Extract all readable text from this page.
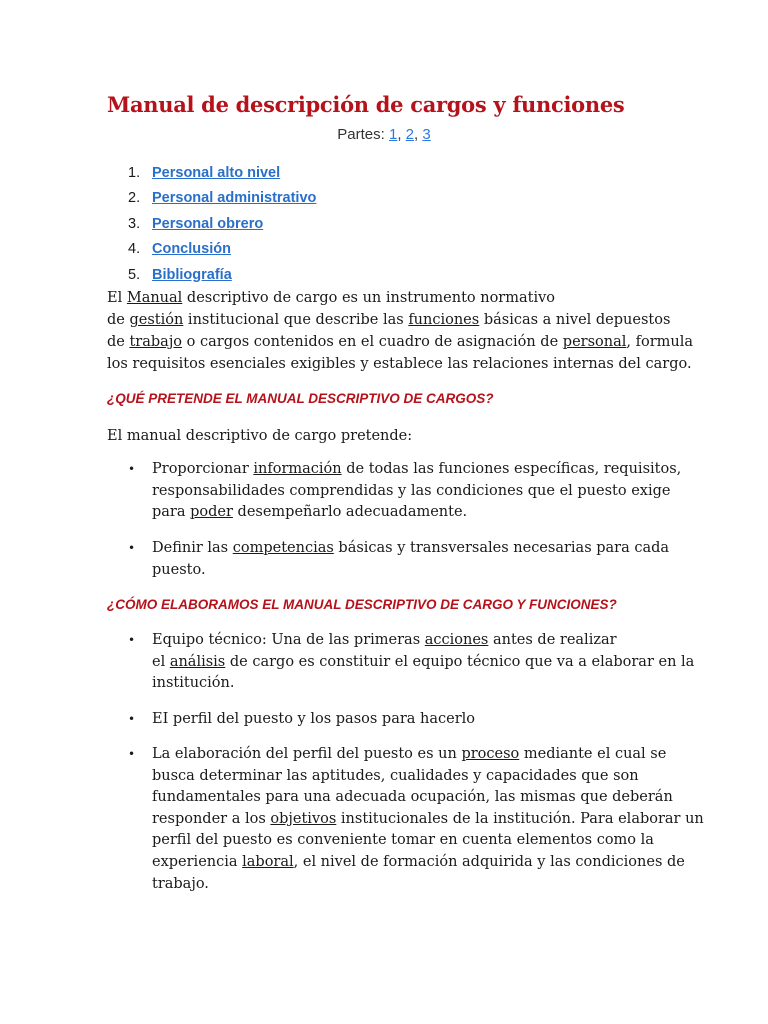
Manual de descripción de cargos y funciones
Partes: 1, 2, 3
1. Personal alto nivel
2. Personal administrativo
3. Personal obrero
4. Conclusión
5. Bibliografía

El Manual descriptivo de cargo es un instrumento normativo
de gestión institucional que describe las funciones básicas a nivel depuestos
de trabajo o cargos contenidos en el cuadro de asignación de personal, formula
los requisitos esenciales exigibles y establece las relaciones internas del cargo.

¿QUÉ PRETENDE EL MANUAL DESCRIPTIVO DE CARGOS?

El manual descriptivo de cargo pretende:

• Proporcionar información de todas las funciones específicas, requisitos,
responsabilidades comprendidas y las condiciones que el puesto exige
para poder desempeñarlo adecuadamente.
• Definir las competencias básicas y transversales necesarias para cada
puesto.
¿CÓMO ELABORAMOS EL MANUAL DESCRIPTIVO DE CARGO Y FUNCIONES?
• Equipo técnico: Una de las primeras acciones antes de realizar
el análisis de cargo es constituir el equipo técnico que va a elaborar en la
institución.
• EI perfil del puesto y los pasos para hacerlo
• La elaboración del perfil del puesto es un proceso mediante el cual se
busca determinar las aptitudes, cualidades y capacidades que son
fundamentales para una adecuada ocupación, las mismas que deberán
responder a los objetivos institucionales de la institución. Para elaborar un
perfil del puesto es conveniente tomar en cuenta elementos como la
experiencia laboral, el nivel de formación adquirida y las condiciones de
trabajo.
